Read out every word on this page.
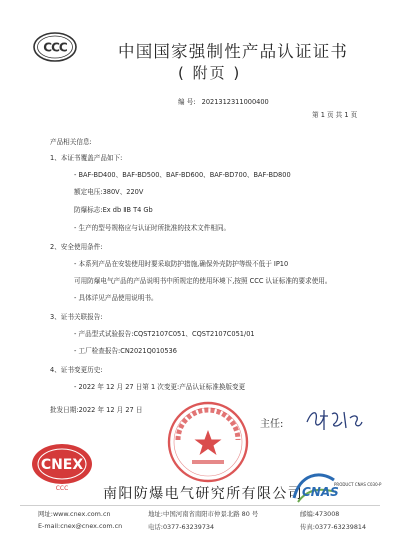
CCC	中国国家强制性产品认证证书
( 附页 )
编 号: 2021312311000400
第 1 页 共 1 页
产品相关信息:
1、本证书覆盖产品如下:
- BAF-BD400、BAF-BD500、BAF-BD600、BAF-BD700、BAF-BD800
额定电压:380V、220V
防爆标志:Ex db ⅡB T4 Gb
- 生产的型号规格应与认证时所批准的技术文件相同。
2、安全使用条件:
- 本系列产品在安装使用时要采取防护措施,确保外壳防护等级不低于 IP10
可用防爆电气产品的产品说明书中所规定的使用环境下,按照 CCC 认证标准的要求使用。
- 具体详见产品使用说明书。
3、证书关联报告:
- 产品型式试验报告:CQST2107C051、CQST2107C051/01
- 工厂检查报告:CN2021Q010536
4、证书变更历史:
- 2022 年 12 月 27 日第 1 次变更:产品认证标准换版变更
批发日期:2022 年 12 月 27 日
主任:
CNEX
CCC 南阳防爆电气研究所有限公司
CNAS
PRODUCT CNAS C030-P
网址:www.cnex.com.cn	地址:中国河南省南阳市仲景北路 80 号	邮编:473008
E-mail:cnex@cnex.com.cn	电话:0377-63239734	传真:0377-63239814
